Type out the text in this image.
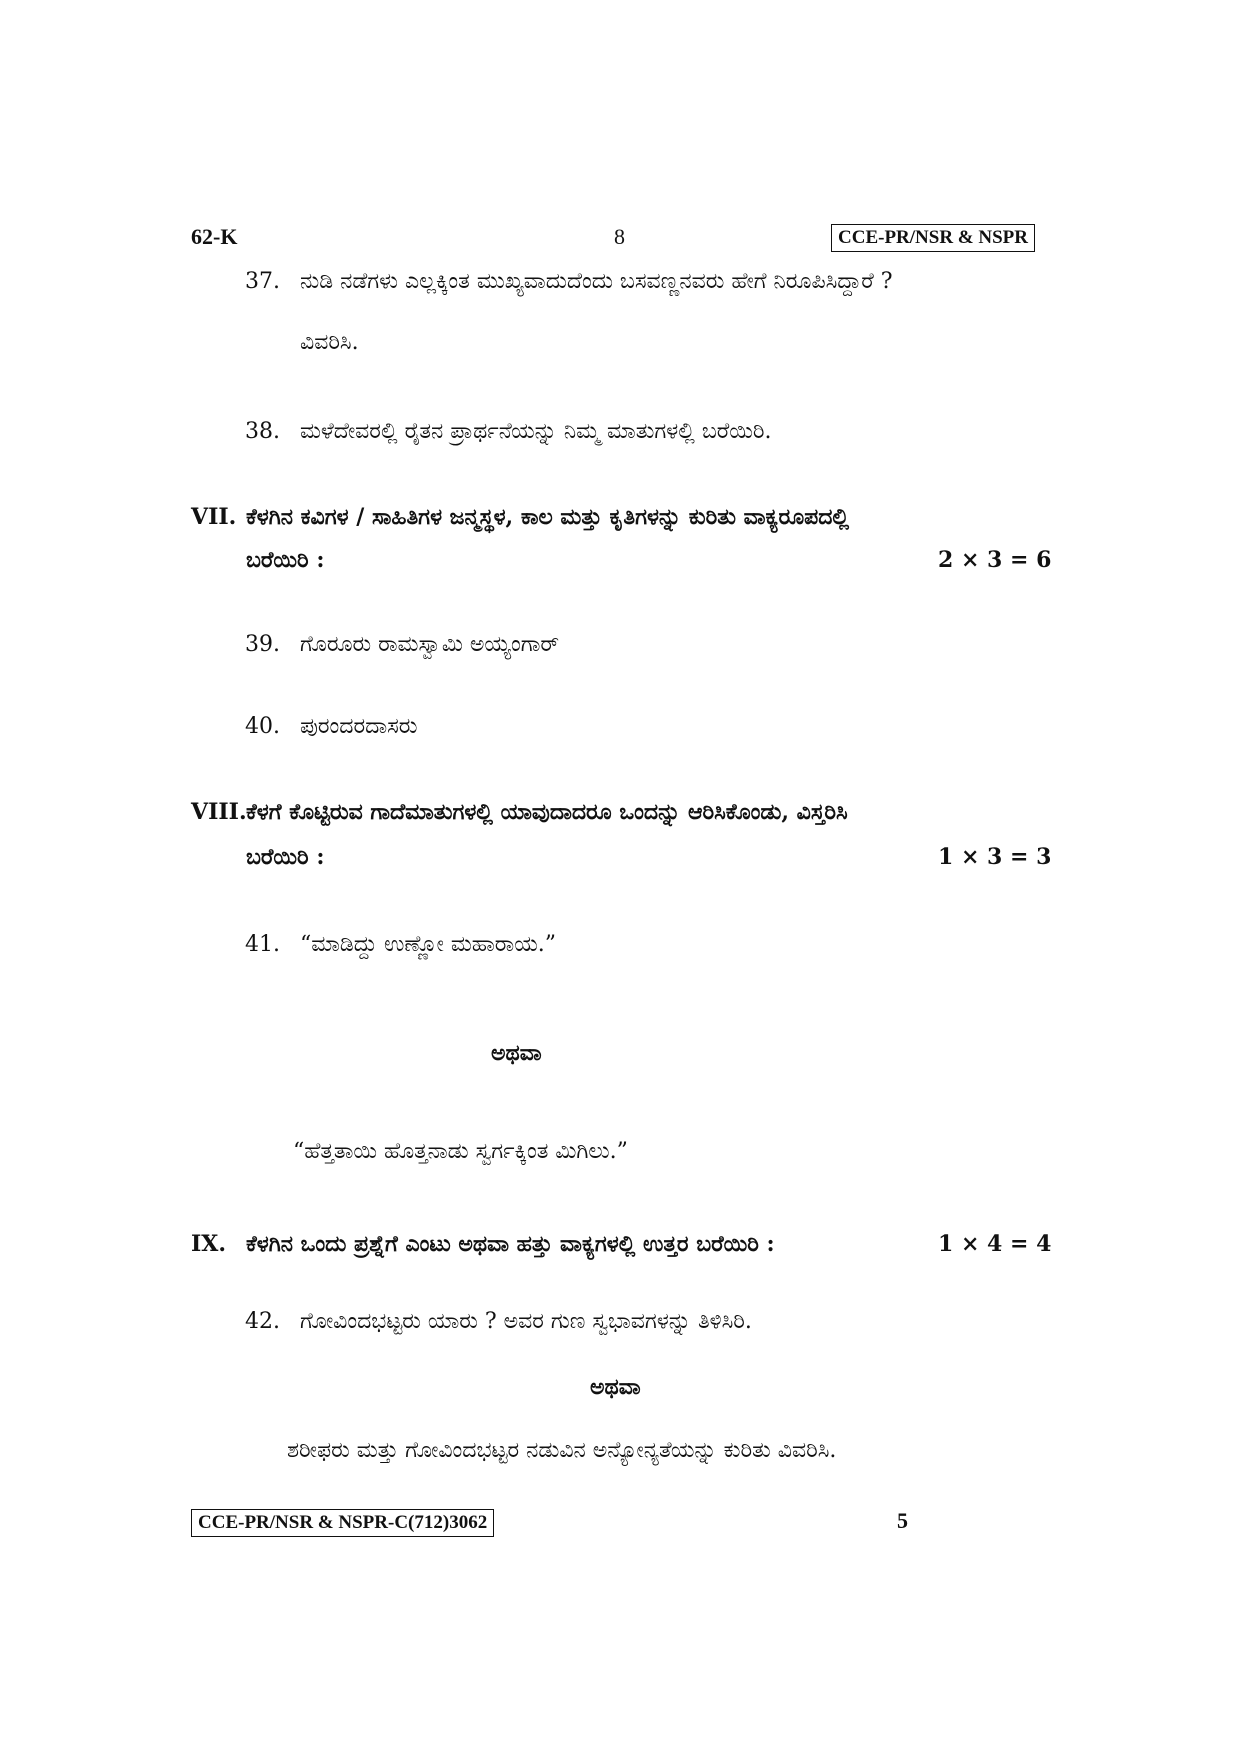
62-K	8	CCE-PR/NSR & NSPR
37. ನುಡಿ ನಡೆಗಳು ಎಲ್ಲಕ್ಕಿಂತ ಮುಖ್ಯವಾದುದೆಂದು ಬಸವಣ್ಣನವರು ಹೇಗೆ ನಿರೂಪಿಸಿದ್ದಾರೆ ?
ವಿವರಿಸಿ.
38. ಮಳೆದೇವರಲ್ಲಿ ರೈತನ ಪ್ರಾರ್ಥನೆಯನ್ನು ನಿಮ್ಮ ಮಾತುಗಳಲ್ಲಿ ಬರೆಯಿರಿ.
VII. ಕೆಳಗಿನ ಕವಿಗಳ / ಸಾಹಿತಿಗಳ ಜನ್ಮಸ್ಥಳ, ಕಾಲ ಮತ್ತು ಕೃತಿಗಳನ್ನು ಕುರಿತು ವಾಕ್ಯರೂಪದಲ್ಲಿ
ಬರೆಯಿರಿ :	2 × 3 = 6
39. ಗೊರೂರು ರಾಮಸ್ವಾಮಿ ಅಯ್ಯಂಗಾರ್
40. ಪುರಂದರದಾಸರು
VIII.ಕೆಳಗೆ ಕೊಟ್ಟಿರುವ ಗಾದೆಮಾತುಗಳಲ್ಲಿ ಯಾವುದಾದರೂ ಒಂದನ್ನು ಆರಿಸಿಕೊಂಡು, ವಿಸ್ತರಿಸಿ
ಬರೆಯಿರಿ :	1 × 3 = 3
41. “ಮಾಡಿದ್ದು ಉಣ್ಣೋ ಮಹಾರಾಯ.”
ಅಥವಾ
“ಹೆತ್ತತಾಯಿ ಹೊತ್ತನಾಡು ಸ್ವರ್ಗಕ್ಕಿಂತ ಮಿಗಿಲು.”
IX. ಕೆಳಗಿನ ಒಂದು ಪ್ರಶ್ನೆಗೆ ಎಂಟು ಅಥವಾ ಹತ್ತು ವಾಕ್ಯಗಳಲ್ಲಿ ಉತ್ತರ ಬರೆಯಿರಿ :	1 × 4 = 4
42. ಗೋವಿಂದಭಟ್ಟರು ಯಾರು ? ಅವರ ಗುಣ ಸ್ವಭಾವಗಳನ್ನು ತಿಳಿಸಿರಿ.
ಅಥವಾ
ಶರೀಫರು ಮತ್ತು ಗೋವಿಂದಭಟ್ಟರ ನಡುವಿನ ಅನ್ಯೋನ್ಯತೆಯನ್ನು ಕುರಿತು ವಿವರಿಸಿ.
CCE-PR/NSR & NSPR-C(712)3062	5
